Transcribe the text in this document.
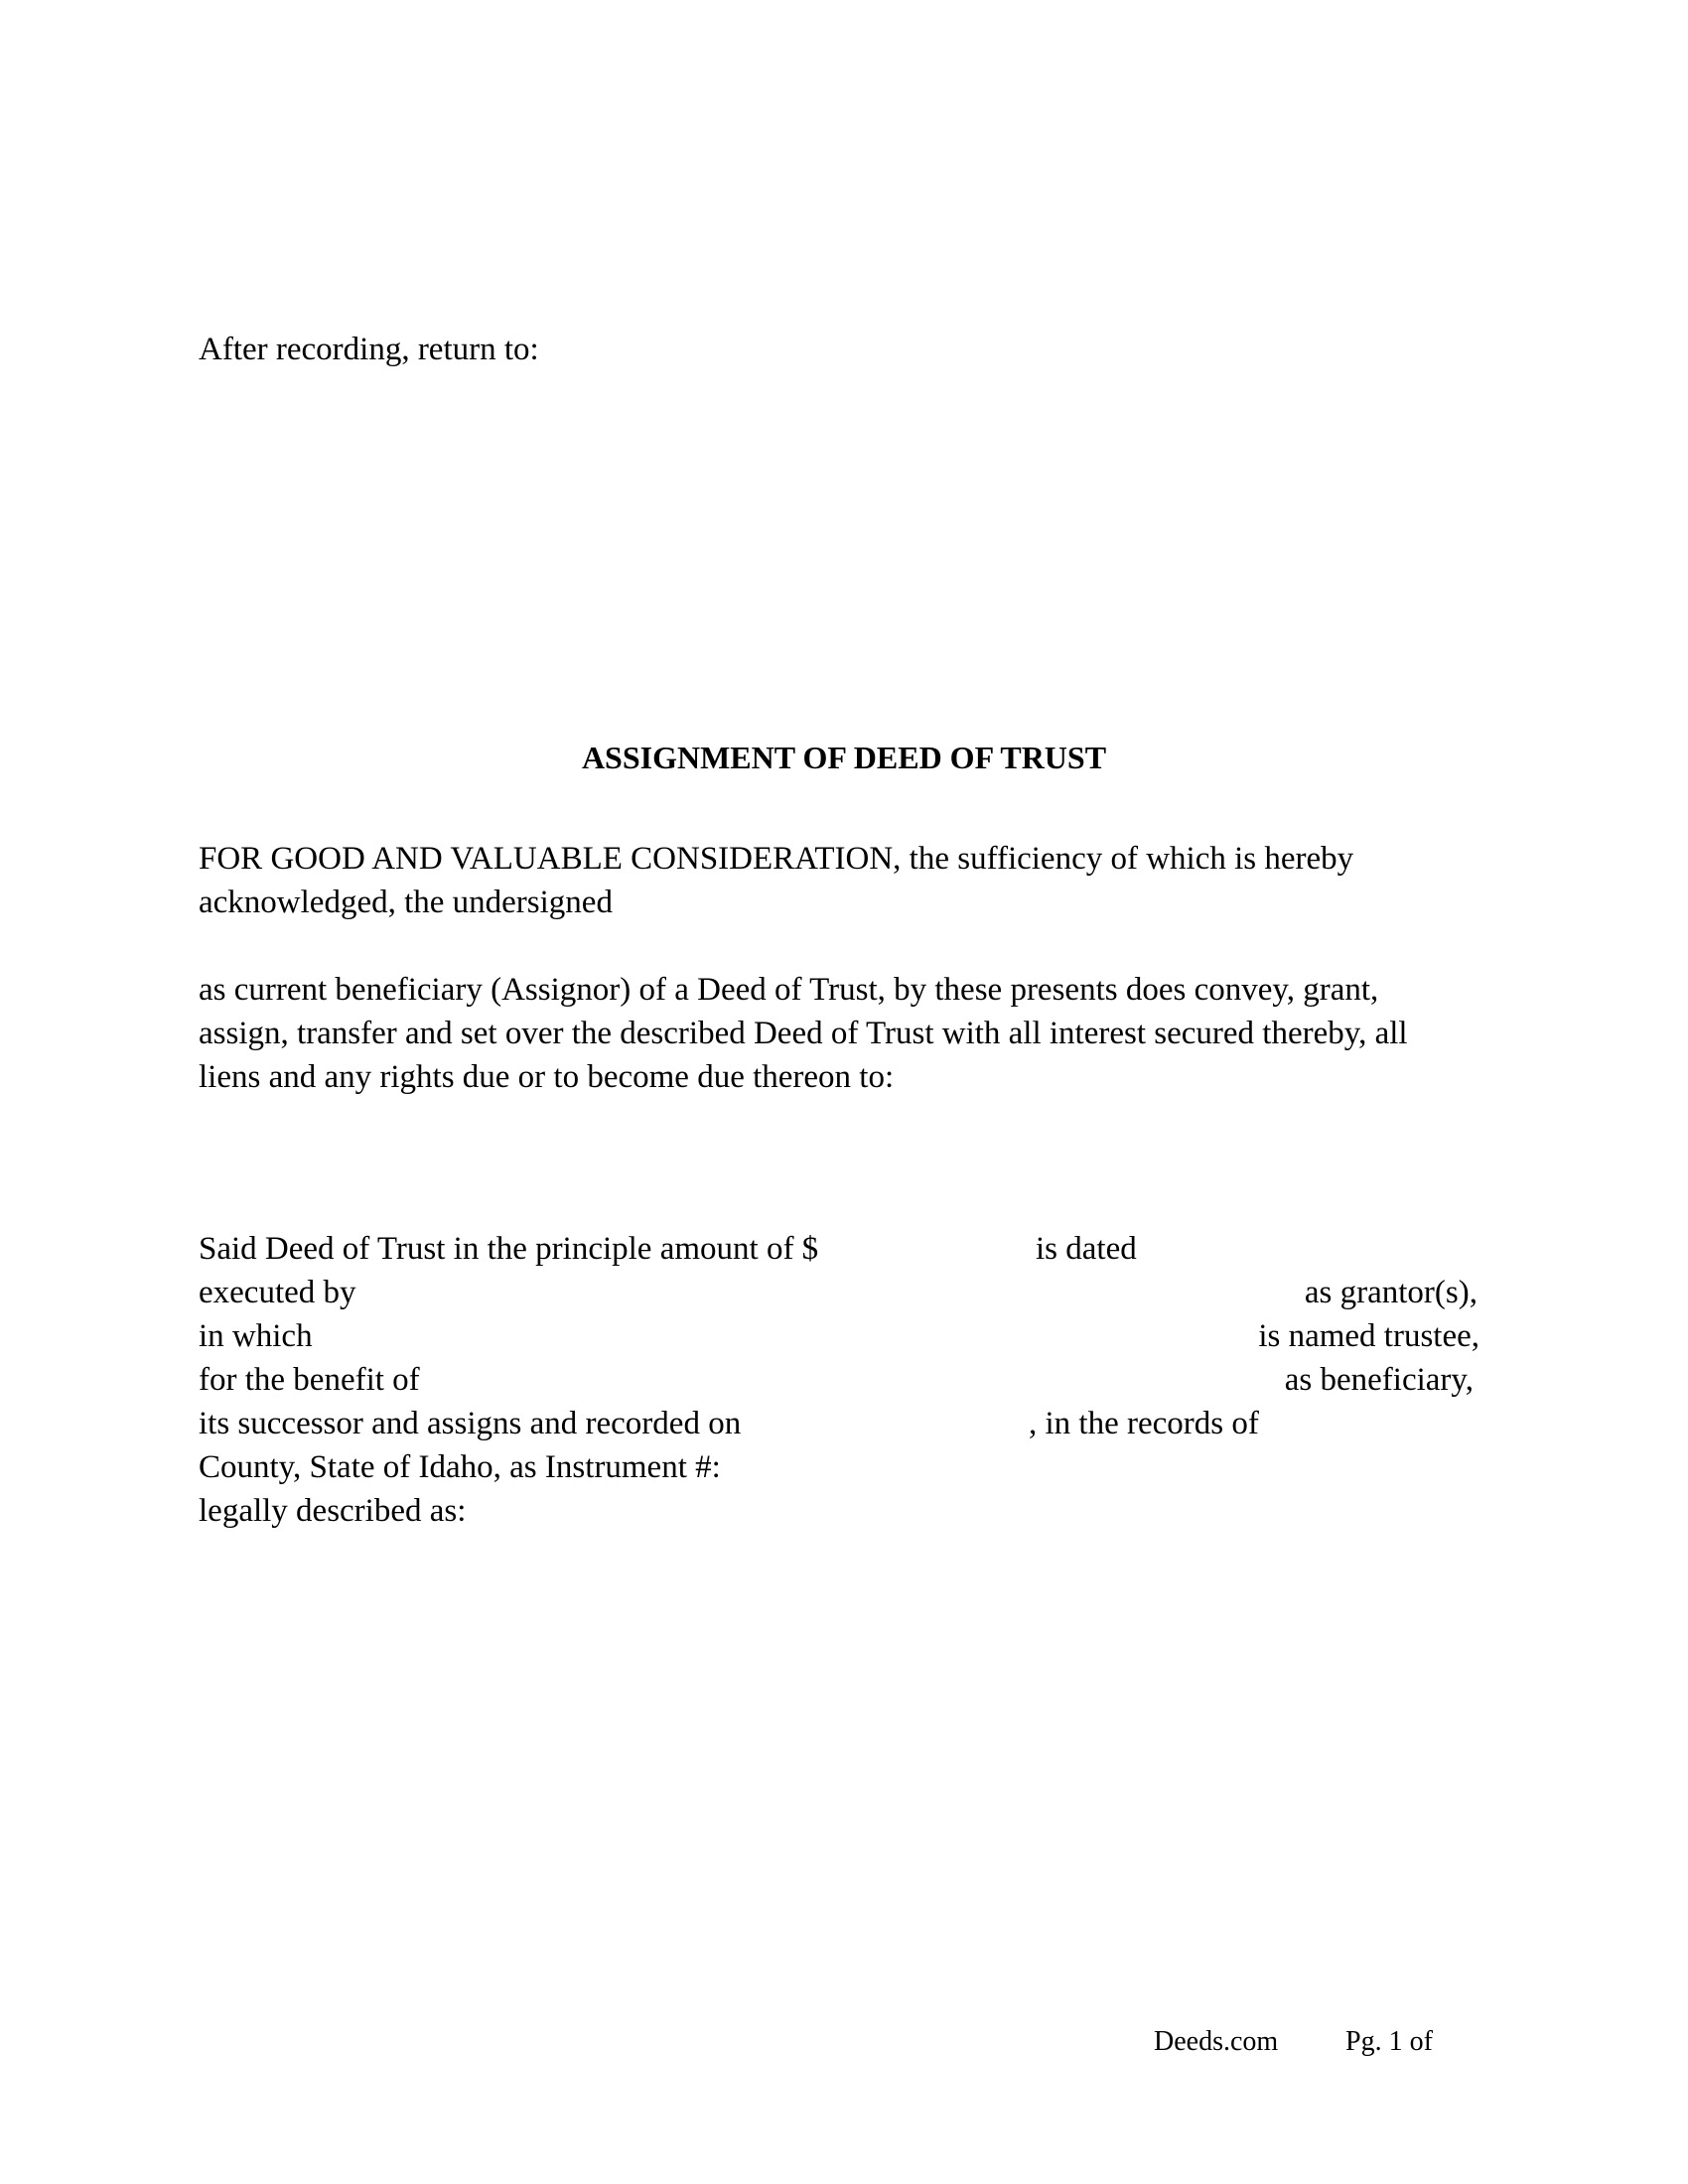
After recording, return to:
ASSIGNMENT OF DEED OF TRUST
FOR GOOD AND VALUABLE CONSIDERATION, the sufficiency of which is hereby
acknowledged, the undersigned
as current beneficiary (Assignor) of a Deed of Trust, by these presents does convey, grant,
assign, transfer and set over the described Deed of Trust with all interest secured thereby, all
liens and any rights due or to become due thereon to:
Said Deed of Trust in the principle amount of $	is dated
executed by	as grantor(s),
in which	is named trustee,
for the benefit of	as beneficiary,
its successor and assigns and recorded on	, in the records of
County, State of Idaho, as Instrument #:
legally described as:
Deeds.com Pg. 1 of
